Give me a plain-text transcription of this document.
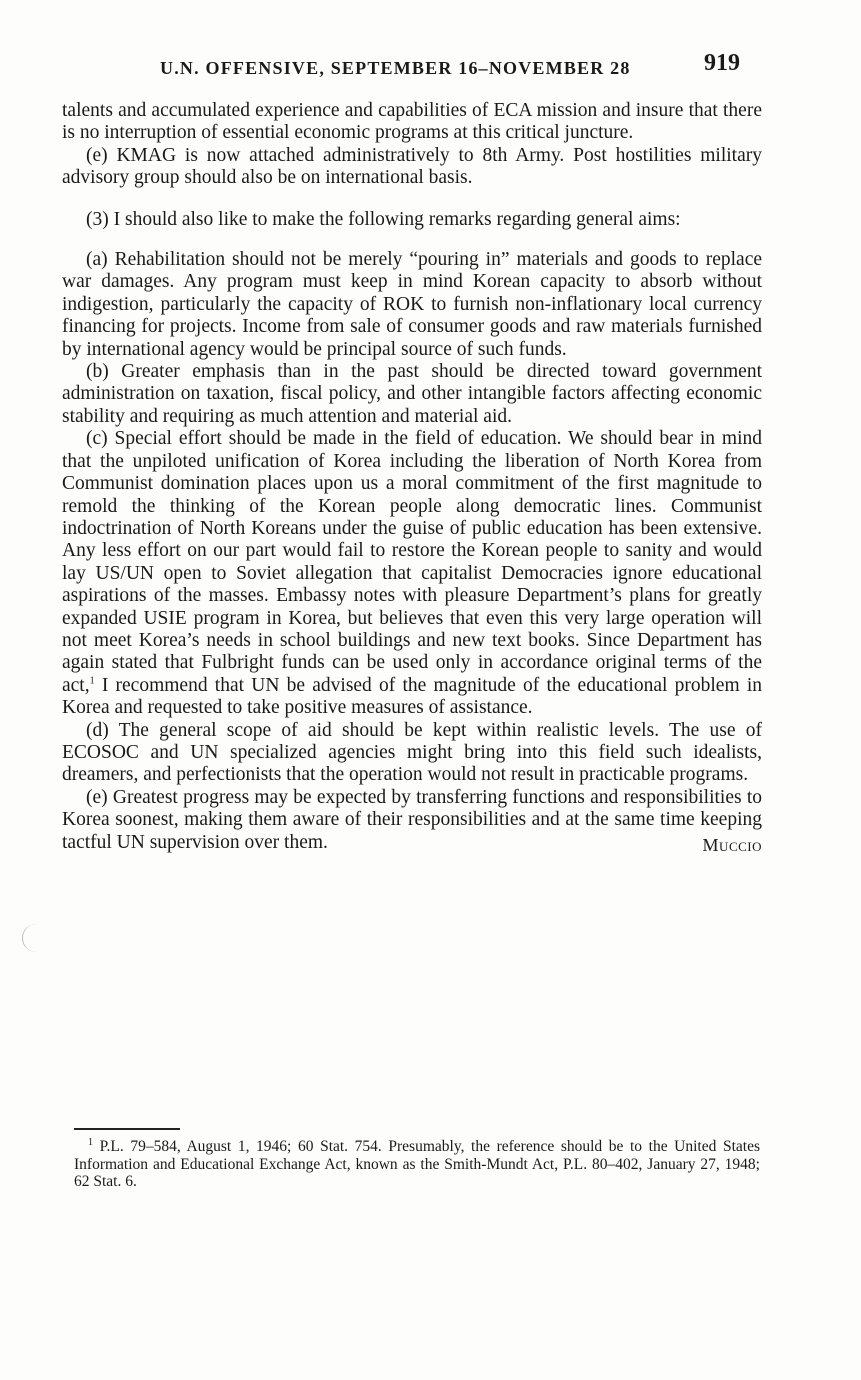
U.N. OFFENSIVE, SEPTEMBER 16–NOVEMBER 28	919

talents and accumulated experience and capabilities of ECA mission and insure that there is no interruption of essential economic programs at this critical juncture.

(e) KMAG is now attached administratively to 8th Army. Post hostilities military advisory group should also be on international basis.

(3) I should also like to make the following remarks regarding general aims:

(a) Rehabilitation should not be merely “pouring in” materials and goods to replace war damages. Any program must keep in mind Korean capacity to absorb without indigestion, particularly the capacity of ROK to furnish non-inflationary local currency financing for projects. Income from sale of consumer goods and raw materials furnished by international agency would be principal source of such funds.

(b) Greater emphasis than in the past should be directed toward government administration on taxation, fiscal policy, and other intangible factors affecting economic stability and requiring as much attention and material aid.

(c) Special effort should be made in the field of education. We should bear in mind that the unpiloted unification of Korea including the liberation of North Korea from Communist domination places upon us a moral commitment of the first magnitude to remold the thinking of the Korean people along democratic lines. Communist indoctrination of North Koreans under the guise of public education has been extensive. Any less effort on our part would fail to restore the Korean people to sanity and would lay US/UN open to Soviet allegation that capitalist Democracies ignore educational aspirations of the masses. Embassy notes with pleasure Department’s plans for greatly expanded USIE program in Korea, but believes that even this very large operation will not meet Korea’s needs in school buildings and new text books. Since Department has again stated that Fulbright funds can be used only in accordance original terms of the act,$^1$ I recommend that UN be advised of the magnitude of the educational problem in Korea and requested to take positive measures of assistance.

(d) The general scope of aid should be kept within realistic levels. The use of ECOSOC and UN specialized agencies might bring into this field such idealists, dreamers, and perfectionists that the operation would not result in practicable programs.

(e) Greatest progress may be expected by transferring functions and responsibilities to Korea soonest, making them aware of their responsibilities and at the same time keeping tactful UN supervision over them.	Muccio

$^1$ P.L. 79–584, August 1, 1946; 60 Stat. 754. Presumably, the reference should be to the United States Information and Educational Exchange Act, known as the Smith-Mundt Act, P.L. 80–402, January 27, 1948; 62 Stat. 6.
